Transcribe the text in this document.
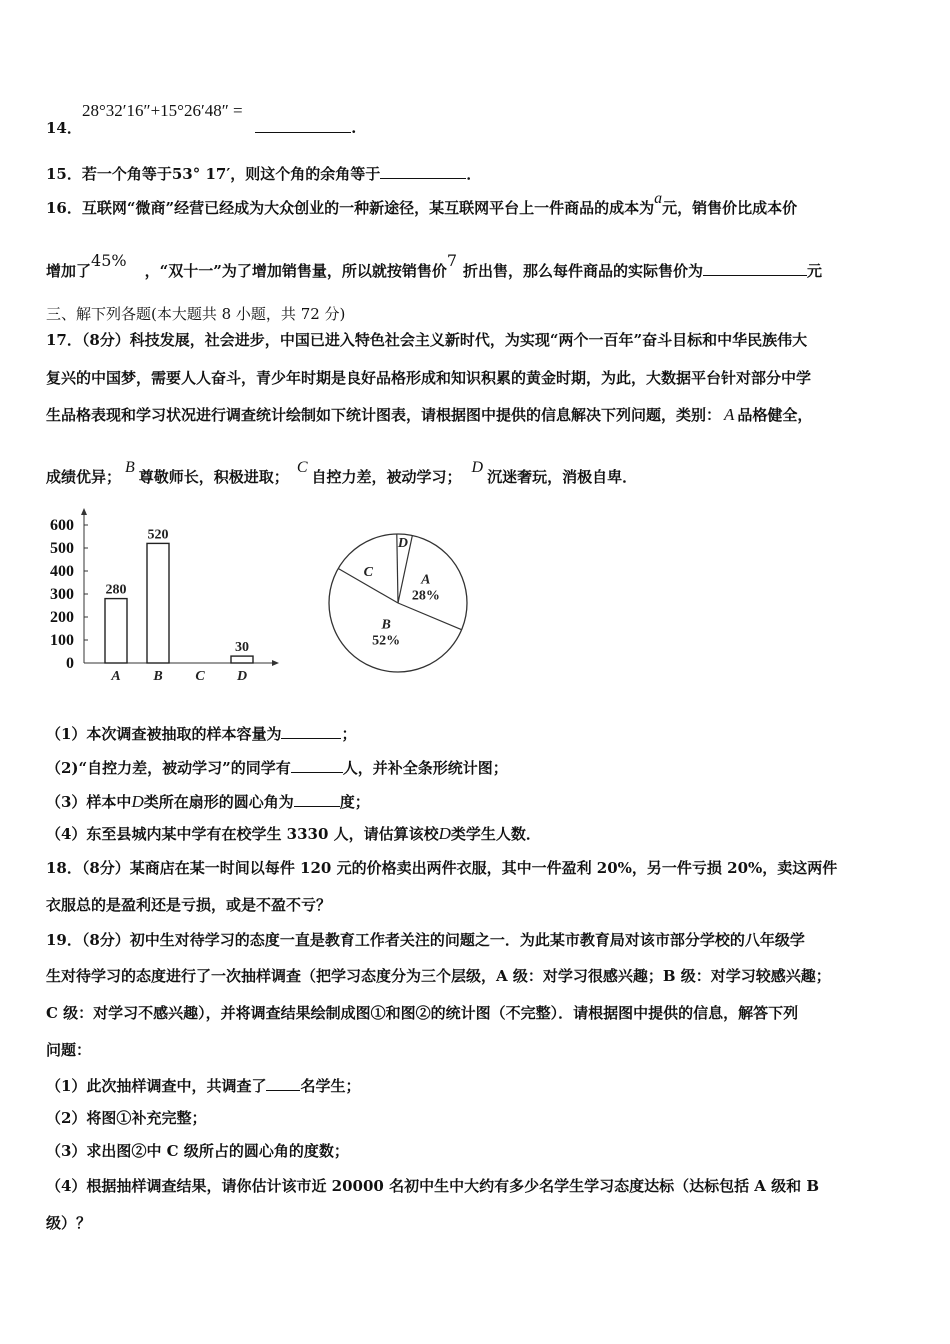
28°32′16″+15°26′48″ =
14．	.
15．若一个角等于53° 17′，则这个角的余角等于	．
16．互联网“微商”经营已经成为大众创业的一种新途径，某互联网平台上一件商品的成本为a元，销售价比成本价
增加了45%，“双十一”为了增加销售量，所以就按销售价7折出售，那么每件商品的实际售价为	元
三、解下列各题(本大题共 8 小题，共 72 分)
17．（8分）科技发展，社会进步，中国已进入特色社会主义新时代，为实现“两个一百年”奋斗目标和中华民族伟大
复兴的中国梦，需要人人奋斗，青少年时期是良好品格形成和知识积累的黄金时期，为此，大数据平台针对部分中学
生品格表现和学习状况进行调查统计绘制如下统计图表，请根据图中提供的信息解决下列问题，类别： A 品格健全，
成绩优异；B尊敬师长，积极进取；C自控力差，被动学习；D沉迷奢玩，消极自卑．
0
100
200
300
400
500
600
280
520
30
A B C D
A
28%
B
52%
C
D
（1）本次调查被抽取的样本容量为	；
（2)“自控力差，被动学习”的同学有	人，并补全条形统计图；
（3）样本中D类所在扇形的圆心角为	度；
（4）东至县城内某中学有在校学生 3330 人，请估算该校D类学生人数．
18．（8分）某商店在某一时间以每件 120 元的价格卖出两件衣服，其中一件盈利 20%，另一件亏损 20%，卖这两件
衣服总的是盈利还是亏损，或是不盈不亏？
19．（8分）初中生对待学习的态度一直是教育工作者关注的问题之一．为此某市教育局对该市部分学校的八年级学
生对待学习的态度进行了一次抽样调查（把学习态度分为三个层级，A 级：对学习很感兴趣；B 级：对学习较感兴趣；
C 级：对学习不感兴趣），并将调查结果绘制成图①和图②的统计图（不完整）．请根据图中提供的信息，解答下列
问题：
（1）此次抽样调查中，共调查了 名学生；
（2）将图①补充完整；
（3）求出图②中 C 级所占的圆心角的度数；
（4）根据抽样调查结果，请你估计该市近 20000 名初中生中大约有多少名学生学习态度达标（达标包括 A 级和 B
级）？
